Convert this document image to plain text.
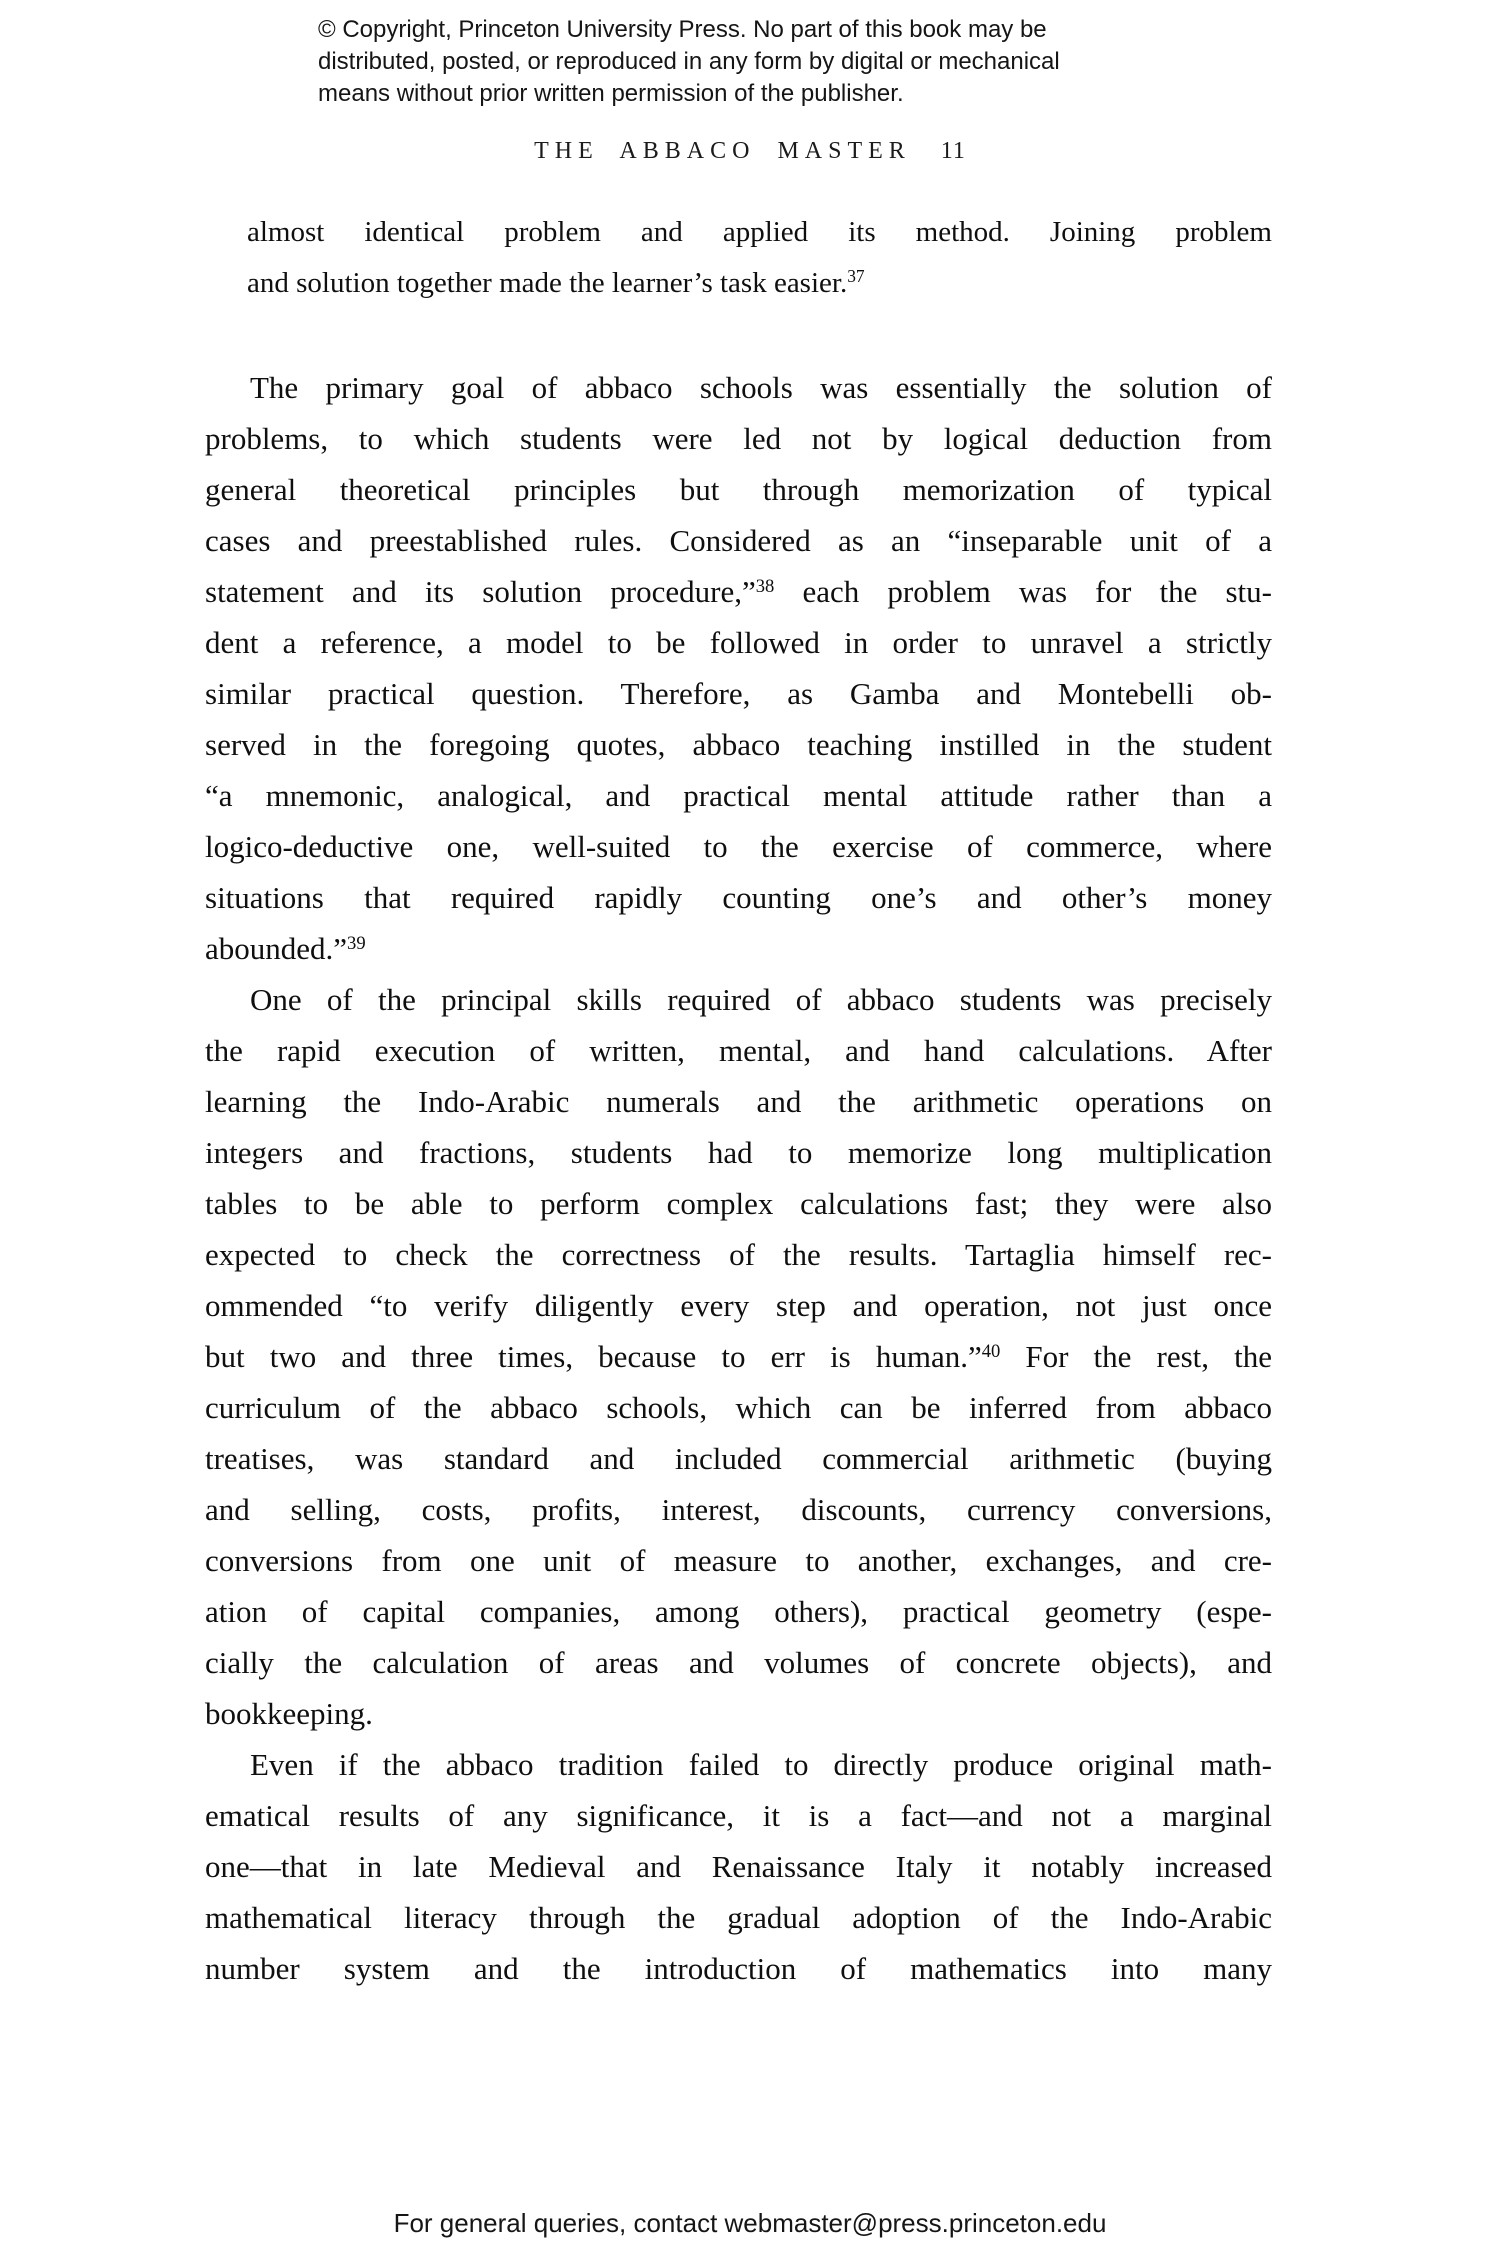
© Copyright, Princeton University Press. No part of this book may be
distributed, posted, or reproduced in any form by digital or mechanical
means without prior written permission of the publisher.
THE ABBACO MASTER 11
almost identical problem and applied its method. Joining problem
and solution together made the learner’s task easier.$^{37}$
The primary goal of abbaco schools was essentially the solution of
problems, to which students were led not by logical deduction from
general theoretical principles but through memorization of typical
cases and preestablished rules. Considered as an “inseparable unit of a
statement and its solution procedure,”$^{38}$ each problem was for the stu-
dent a reference, a model to be followed in order to unravel a strictly
similar practical question. Therefore, as Gamba and Montebelli ob-
served in the foregoing quotes, abbaco teaching instilled in the student
“a mnemonic, analogical, and practical mental attitude rather than a
logico-deductive one, well-suited to the exercise of commerce, where
situations that required rapidly counting one’s and other’s money
abounded.”$^{39}$
One of the principal skills required of abbaco students was precisely
the rapid execution of written, mental, and hand calculations. After
learning the Indo-Arabic numerals and the arithmetic operations on
integers and fractions, students had to memorize long multiplication
tables to be able to perform complex calculations fast; they were also
expected to check the correctness of the results. Tartaglia himself rec-
ommended “to verify diligently every step and operation, not just once
but two and three times, because to err is human.”$^{40}$ For the rest, the
curriculum of the abbaco schools, which can be inferred from abbaco
treatises, was standard and included commercial arithmetic (buying
and selling, costs, profits, interest, discounts, currency conversions,
conversions from one unit of measure to another, exchanges, and cre-
ation of capital companies, among others), practical geometry (espe-
cially the calculation of areas and volumes of concrete objects), and
bookkeeping.
Even if the abbaco tradition failed to directly produce original math-
ematical results of any significance, it is a fact—and not a marginal
one—that in late Medieval and Renaissance Italy it notably increased
mathematical literacy through the gradual adoption of the Indo-Arabic
number system and the introduction of mathematics into many
For general queries, contact webmaster@press.princeton.edu
